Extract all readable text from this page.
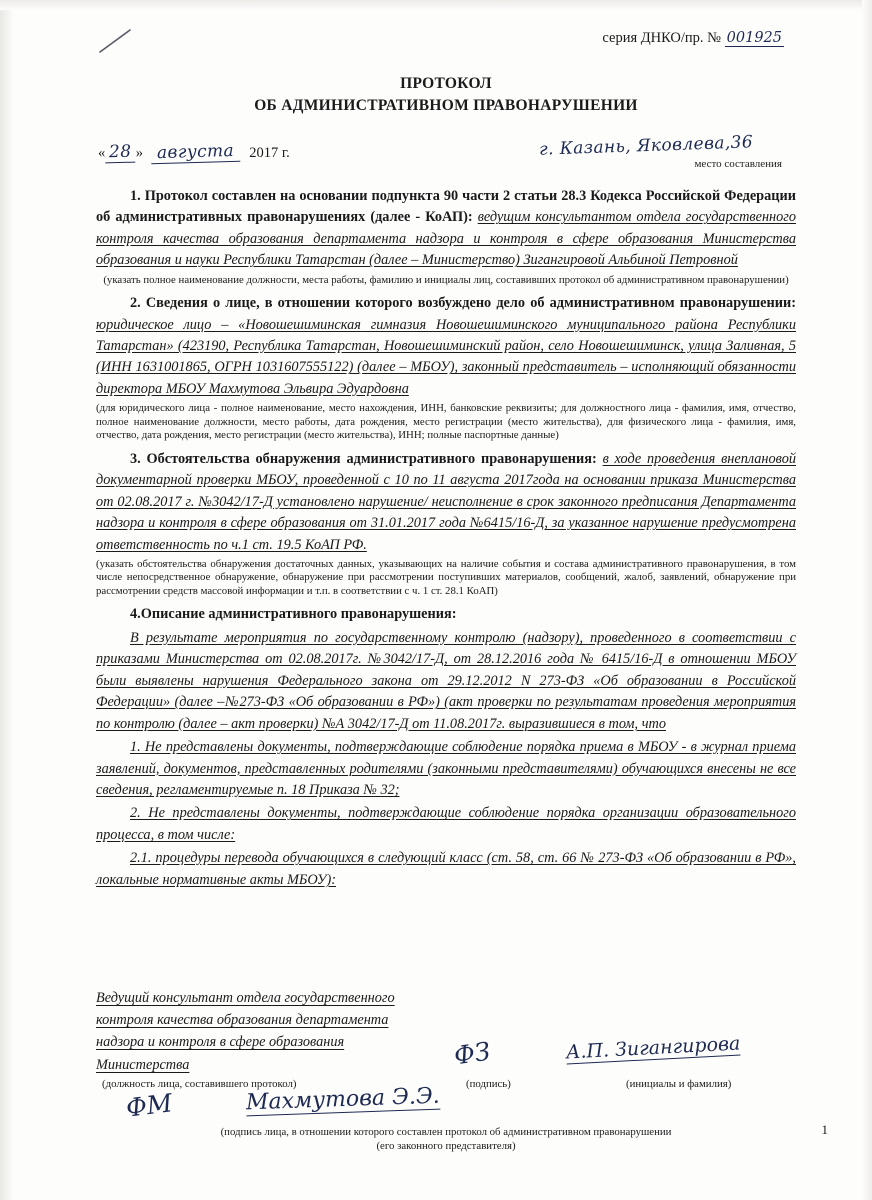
серия ДНКО/пр. № 001925
ПРОТОКОЛ
ОБ АДМИНИСТРАТИВНОМ ПРАВОНАРУШЕНИИ
« 28 » августа 2017 г.	г. Казань, Яковлева,36
место составления

1. Протокол составлен на основании подпункта 90 части 2 статьи 28.3 Кодекса Российской Федерации об административных правонарушениях (далее - КоАП): ведущим консультантом отдела государственного контроля качества образования департамента надзора и контроля в сфере образования Министерства образования и науки Республики Татарстан (далее – Министерство) Зигангировой Альбиной Петровной

(указать полное наименование должности, места работы, фамилию и инициалы лиц, составивших протокол об административном правонарушении)

2. Сведения о лице, в отношении которого возбуждено дело об административном правонарушении: юридическое лицо – «Новошешиминская гимназия Новошешиминского муниципального района Республики Татарстан» (423190, Республика Татарстан, Новошешиминский район, село Новошешиминск, улица Заливная, 5 (ИНН 1631001865, ОГРН 1031607555122) (далее – МБОУ), законный представитель – исполняющий обязанности директора МБОУ Махмутова Эльвира Эдуардовна

(для юридического лица - полное наименование, место нахождения, ИНН, банковские реквизиты; для должностного лица - фамилия, имя, отчество, полное наименование должности, место работы, дата рождения, место регистрации (место жительства), для физического лица - фамилия, имя, отчество, дата рождения, место регистрации (место жительства), ИНН; полные паспортные данные)

3. Обстоятельства обнаружения административного правонарушения: в ходе проведения внеплановой документарной проверки МБОУ, проведенной с 10 по 11 августа 2017года на основании приказа Министерства от 02.08.2017 г. №3042/17-Д установлено нарушение/ неисполнение в срок законного предписания Департамента надзора и контроля в сфере образования от 31.01.2017 года №6415/16-Д, за указанное нарушение предусмотрена ответственность по ч.1 ст. 19.5 КоАП РФ.

(указать обстоятельства обнаружения достаточных данных, указывающих на наличие события и состава административного правонарушения, в том числе непосредственное обнаружение, обнаружение при рассмотрении поступивших материалов, сообщений, жалоб, заявлений, обнаружение при рассмотрении средств массовой информации и т.п. в соответствии с ч. 1 ст. 28.1 КоАП)

4.Описание административного правонарушения:

В результате мероприятия по государственному контролю (надзору), проведенного в соответствии с приказами Министерства от 02.08.2017г. №3042/17-Д, от 28.12.2016 года № 6415/16-Д в отношении МБОУ были выявлены нарушения Федерального закона от 29.12.2012 N 273-ФЗ «Об образовании в Российской Федерации» (далее –№273-ФЗ «Об образовании в РФ») (акт проверки по результатам проведения мероприятия по контролю (далее – акт проверки) №А 3042/17-Д от 11.08.2017г. выразившиеся в том, что

1. Не представлены документы, подтверждающие соблюдение порядка приема в МБОУ - в журнал приема заявлений, документов, представленных родителями (законными представителями) обучающихся внесены не все сведения, регламентируемые п. 18 Приказа № 32;

2. Не представлены документы, подтверждающие соблюдение порядка организации образовательного процесса, в том числе:

2.1. процедуры перевода обучающихся в следующий класс (ст. 58, ст. 66 № 273-ФЗ «Об образовании в РФ», локальные нормативные акты МБОУ):

Ведущий консультант отдела государственного
контроля качества образования департамента
надзора и контроля в сфере образования
Министерства
(должность лица, составившего протокол)	(подпись)	(инициалы и фамилия)
ФЗ	А.П. Зигангирова
ФМ	Махмутова Э.Э.
(подпись лица, в отношении которого составлен протокол об административном правонарушении
(его законного представителя)
1
